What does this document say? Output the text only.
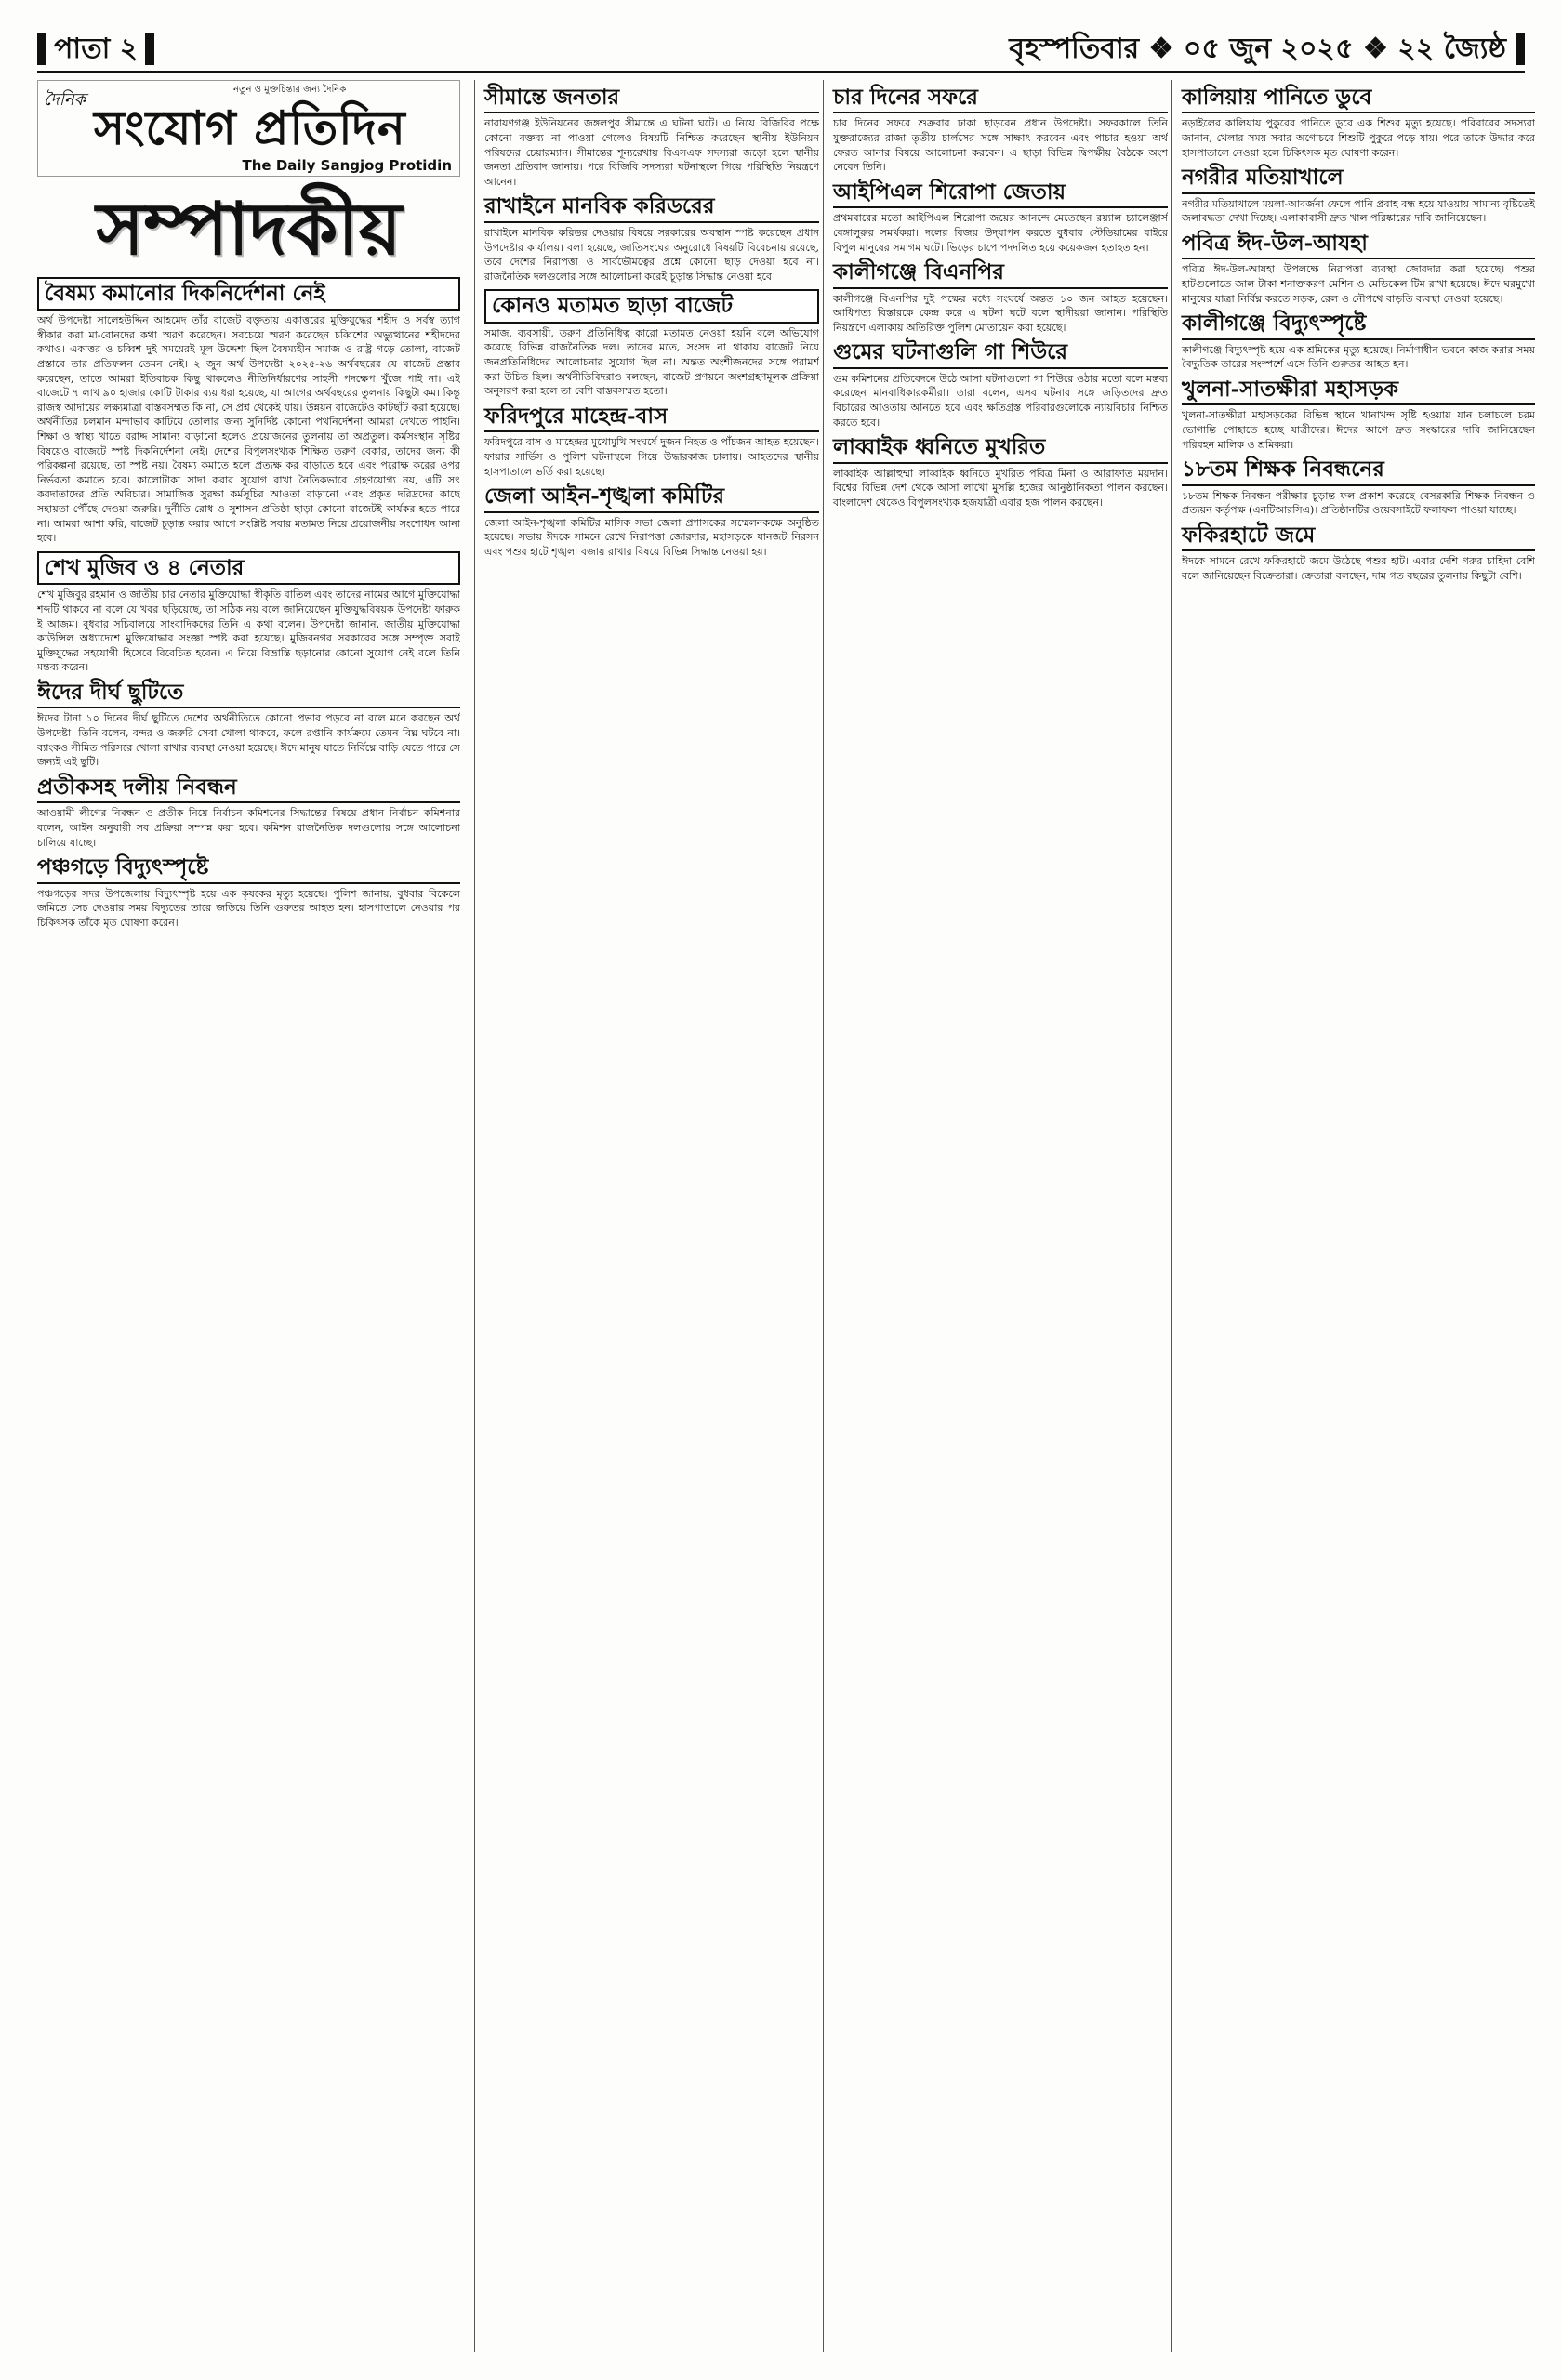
পাতা ২	বৃহস্পতিবার ❖ ০৫ জুন ২০২৫ ❖ ২২ জ্যৈষ্ঠ
দৈনিক
নতুন ও মুক্তচিন্তার জন্য দৈনিক
সংযোগ প্রতিদিন
The Daily Sangjog Protidin
সম্পাদকীয়
বৈষম্য কমানোর দিকনির্দেশনা নেই

অর্থ উপদেষ্টা সালেহউদ্দিন আহমেদ তাঁর বাজেট বক্তৃতায় একাত্তরের মুক্তিযুদ্ধের শহীদ ও সর্বস্ব ত্যাগ স্বীকার করা মা-বোনদের কথা স্মরণ করেছেন। সবচেয়ে স্মরণ করেছেন চব্বিশের অভ্যুত্থানের শহীদদের কথাও। একাত্তর ও চব্বিশ দুই সময়েরই মূল উদ্দেশ্য ছিল বৈষম্যহীন সমাজ ও রাষ্ট্র গড়ে তোলা, বাজেট প্রস্তাবে তার প্রতিফলন তেমন নেই। ২ জুন অর্থ উপদেষ্টা ২০২৫-২৬ অর্থবছরের যে বাজেট প্রস্তাব করেছেন, তাতে আমরা ইতিবাচক কিছু থাকলেও নীতিনির্ধারণের সাহসী পদক্ষেপ খুঁজে পাই না। এই বাজেটে ৭ লাখ ৯০ হাজার কোটি টাকার ব্যয় ধরা হয়েছে, যা আগের অর্থবছরের তুলনায় কিছুটা কম। কিন্তু রাজস্ব আদায়ের লক্ষ্যমাত্রা বাস্তবসম্মত কি না, সে প্রশ্ন থেকেই যায়। উন্নয়ন বাজেটেও কাটছাঁট করা হয়েছে। অর্থনীতির চলমান মন্দাভাব কাটিয়ে তোলার জন্য সুনির্দিষ্ট কোনো পথনির্দেশনা আমরা দেখতে পাইনি। শিক্ষা ও স্বাস্থ্য খাতে বরাদ্দ সামান্য বাড়ানো হলেও প্রয়োজনের তুলনায় তা অপ্রতুল। কর্মসংস্থান সৃষ্টির বিষয়েও বাজেটে স্পষ্ট দিকনির্দেশনা নেই। দেশের বিপুলসংখ্যক শিক্ষিত তরুণ বেকার, তাদের জন্য কী পরিকল্পনা রয়েছে, তা স্পষ্ট নয়। বৈষম্য কমাতে হলে প্রত্যক্ষ কর বাড়াতে হবে এবং পরোক্ষ করের ওপর নির্ভরতা কমাতে হবে। কালোটাকা সাদা করার সুযোগ রাখা নৈতিকভাবে গ্রহণযোগ্য নয়, এটি সৎ করদাতাদের প্রতি অবিচার। সামাজিক সুরক্ষা কর্মসূচির আওতা বাড়ানো এবং প্রকৃত দরিদ্রদের কাছে সহায়তা পৌঁছে দেওয়া জরুরি। দুর্নীতি রোধ ও সুশাসন প্রতিষ্ঠা ছাড়া কোনো বাজেটই কার্যকর হতে পারে না। আমরা আশা করি, বাজেট চূড়ান্ত করার আগে সংশ্লিষ্ট সবার মতামত নিয়ে প্রয়োজনীয় সংশোধন আনা হবে।

শেখ মুজিব ও ৪ নেতার

শেখ মুজিবুর রহমান ও জাতীয় চার নেতার মুক্তিযোদ্ধা স্বীকৃতি বাতিল এবং তাদের নামের আগে মুক্তিযোদ্ধা শব্দটি থাকবে না বলে যে খবর ছড়িয়েছে, তা সঠিক নয় বলে জানিয়েছেন মুক্তিযুদ্ধবিষয়ক উপদেষ্টা ফারুক ই আজম। বুধবার সচিবালয়ে সাংবাদিকদের তিনি এ কথা বলেন। উপদেষ্টা জানান, জাতীয় মুক্তিযোদ্ধা কাউন্সিল অধ্যাদেশে মুক্তিযোদ্ধার সংজ্ঞা স্পষ্ট করা হয়েছে। মুজিবনগর সরকারের সঙ্গে সম্পৃক্ত সবাই মুক্তিযুদ্ধের সহযোগী হিসেবে বিবেচিত হবেন। এ নিয়ে বিভ্রান্তি ছড়ানোর কোনো সুযোগ নেই বলে তিনি মন্তব্য করেন।

ঈদের দীর্ঘ ছুটিতে

ঈদের টানা ১০ দিনের দীর্ঘ ছুটিতে দেশের অর্থনীতিতে কোনো প্রভাব পড়বে না বলে মনে করছেন অর্থ উপদেষ্টা। তিনি বলেন, বন্দর ও জরুরি সেবা খোলা থাকবে, ফলে রপ্তানি কার্যক্রমে তেমন বিঘ্ন ঘটবে না। ব্যাংকও সীমিত পরিসরে খোলা রাখার ব্যবস্থা নেওয়া হয়েছে। ঈদে মানুষ যাতে নির্বিঘ্নে বাড়ি যেতে পারে সে জন্যই এই ছুটি।

প্রতীকসহ দলীয় নিবন্ধন

আওয়ামী লীগের নিবন্ধন ও প্রতীক নিয়ে নির্বাচন কমিশনের সিদ্ধান্তের বিষয়ে প্রধান নির্বাচন কমিশনার বলেন, আইন অনুযায়ী সব প্রক্রিয়া সম্পন্ন করা হবে। কমিশন রাজনৈতিক দলগুলোর সঙ্গে আলোচনা চালিয়ে যাচ্ছে।

পঞ্চগড়ে বিদ্যুৎস্পৃষ্টে

পঞ্চগড়ের সদর উপজেলায় বিদ্যুৎস্পৃষ্ট হয়ে এক কৃষকের মৃত্যু হয়েছে। পুলিশ জানায়, বুধবার বিকেলে জমিতে সেচ দেওয়ার সময় বিদ্যুতের তারে জড়িয়ে তিনি গুরুতর আহত হন। হাসপাতালে নেওয়ার পর চিকিৎসক তাঁকে মৃত ঘোষণা করেন।

সীমান্তে জনতার

নারায়ণগঞ্জ ইউনিয়নের জঙ্গলপুর সীমান্তে এ ঘটনা ঘটে। এ নিয়ে বিজিবির পক্ষে কোনো বক্তব্য না পাওয়া গেলেও বিষয়টি নিশ্চিত করেছেন স্থানীয় ইউনিয়ন পরিষদের চেয়ারম্যান। সীমান্তের শূন্যরেখায় বিএসএফ সদস্যরা জড়ো হলে স্থানীয় জনতা প্রতিবাদ জানায়। পরে বিজিবি সদস্যরা ঘটনাস্থলে গিয়ে পরিস্থিতি নিয়ন্ত্রণে আনেন।

রাখাইনে মানবিক করিডরের

রাখাইনে মানবিক করিডর দেওয়ার বিষয়ে সরকারের অবস্থান স্পষ্ট করেছেন প্রধান উপদেষ্টার কার্যালয়। বলা হয়েছে, জাতিসংঘের অনুরোধে বিষয়টি বিবেচনায় রয়েছে, তবে দেশের নিরাপত্তা ও সার্বভৌমত্বের প্রশ্নে কোনো ছাড় দেওয়া হবে না। রাজনৈতিক দলগুলোর সঙ্গে আলোচনা করেই চূড়ান্ত সিদ্ধান্ত নেওয়া হবে।

কোনও মতামত ছাড়া বাজেট

সমাজ, ব্যবসায়ী, তরুণ প্রতিনিধিত্ব কারো মতামত নেওয়া হয়নি বলে অভিযোগ করেছে বিভিন্ন রাজনৈতিক দল। তাদের মতে, সংসদ না থাকায় বাজেট নিয়ে জনপ্রতিনিধিদের আলোচনার সুযোগ ছিল না। অন্তত অংশীজনদের সঙ্গে পরামর্শ করা উচিত ছিল। অর্থনীতিবিদরাও বলছেন, বাজেট প্রণয়নে অংশগ্রহণমূলক প্রক্রিয়া অনুসরণ করা হলে তা বেশি বাস্তবসম্মত হতো।

ফরিদপুরে মাহেন্দ্র-বাস

ফরিদপুরে বাস ও মাহেন্দ্রর মুখোমুখি সংঘর্ষে দুজন নিহত ও পাঁচজন আহত হয়েছেন। ফায়ার সার্ভিস ও পুলিশ ঘটনাস্থলে গিয়ে উদ্ধারকাজ চালায়। আহতদের স্থানীয় হাসপাতালে ভর্তি করা হয়েছে।

জেলা আইন-শৃঙ্খলা কমিটির

জেলা আইন-শৃঙ্খলা কমিটির মাসিক সভা জেলা প্রশাসকের সম্মেলনকক্ষে অনুষ্ঠিত হয়েছে। সভায় ঈদকে সামনে রেখে নিরাপত্তা জোরদার, মহাসড়কে যানজট নিরসন এবং পশুর হাটে শৃঙ্খলা বজায় রাখার বিষয়ে বিভিন্ন সিদ্ধান্ত নেওয়া হয়।

চার দিনের সফরে

চার দিনের সফরে শুক্রবার ঢাকা ছাড়বেন প্রধান উপদেষ্টা। সফরকালে তিনি যুক্তরাজ্যের রাজা তৃতীয় চার্লসের সঙ্গে সাক্ষাৎ করবেন এবং পাচার হওয়া অর্থ ফেরত আনার বিষয়ে আলোচনা করবেন। এ ছাড়া বিভিন্ন দ্বিপক্ষীয় বৈঠকে অংশ নেবেন তিনি।

আইপিএল শিরোপা জেতায়

প্রথমবারের মতো আইপিএল শিরোপা জয়ের আনন্দে মেতেছেন রয়্যাল চ্যালেঞ্জার্স বেঙ্গালুরুর সমর্থকরা। দলের বিজয় উদ্‌যাপন করতে বুধবার স্টেডিয়ামের বাইরে বিপুল মানুষের সমাগম ঘটে। ভিড়ের চাপে পদদলিত হয়ে কয়েকজন হতাহত হন।

কালীগঞ্জে বিএনপির

কালীগঞ্জে বিএনপির দুই পক্ষের মধ্যে সংঘর্ষে অন্তত ১০ জন আহত হয়েছেন। আধিপত্য বিস্তারকে কেন্দ্র করে এ ঘটনা ঘটে বলে স্থানীয়রা জানান। পরিস্থিতি নিয়ন্ত্রণে এলাকায় অতিরিক্ত পুলিশ মোতায়েন করা হয়েছে।

গুমের ঘটনাগুলি গা শিউরে

গুম কমিশনের প্রতিবেদনে উঠে আসা ঘটনাগুলো গা শিউরে ওঠার মতো বলে মন্তব্য করেছেন মানবাধিকারকর্মীরা। তারা বলেন, এসব ঘটনার সঙ্গে জড়িতদের দ্রুত বিচারের আওতায় আনতে হবে এবং ক্ষতিগ্রস্ত পরিবারগুলোকে ন্যায়বিচার নিশ্চিত করতে হবে।

লাব্বাইক ধ্বনিতে মুখরিত

লাব্বাইক আল্লাহুম্মা লাব্বাইক ধ্বনিতে মুখরিত পবিত্র মিনা ও আরাফাত ময়দান। বিশ্বের বিভিন্ন দেশ থেকে আসা লাখো মুসল্লি হজের আনুষ্ঠানিকতা পালন করছেন। বাংলাদেশ থেকেও বিপুলসংখ্যক হজযাত্রী এবার হজ পালন করছেন।

কালিয়ায় পানিতে ডুবে

নড়াইলের কালিয়ায় পুকুরের পানিতে ডুবে এক শিশুর মৃত্যু হয়েছে। পরিবারের সদস্যরা জানান, খেলার সময় সবার অগোচরে শিশুটি পুকুরে পড়ে যায়। পরে তাকে উদ্ধার করে হাসপাতালে নেওয়া হলে চিকিৎসক মৃত ঘোষণা করেন।

নগরীর মতিয়াখালে

নগরীর মতিয়াখালে ময়লা-আবর্জনা ফেলে পানি প্রবাহ বন্ধ হয়ে যাওয়ায় সামান্য বৃষ্টিতেই জলাবদ্ধতা দেখা দিচ্ছে। এলাকাবাসী দ্রুত খাল পরিষ্কারের দাবি জানিয়েছেন।

পবিত্র ঈদ-উল-আযহা

পবিত্র ঈদ-উল-আযহা উপলক্ষে নিরাপত্তা ব্যবস্থা জোরদার করা হয়েছে। পশুর হাটগুলোতে জাল টাকা শনাক্তকরণ মেশিন ও মেডিকেল টিম রাখা হয়েছে। ঈদে ঘরমুখো মানুষের যাত্রা নির্বিঘ্ন করতে সড়ক, রেল ও নৌপথে বাড়তি ব্যবস্থা নেওয়া হয়েছে।

কালীগঞ্জে বিদ্যুৎস্পৃষ্টে

কালীগঞ্জে বিদ্যুৎস্পৃষ্ট হয়ে এক শ্রমিকের মৃত্যু হয়েছে। নির্মাণাধীন ভবনে কাজ করার সময় বৈদ্যুতিক তারের সংস্পর্শে এসে তিনি গুরুতর আহত হন।

খুলনা-সাতক্ষীরা মহাসড়ক

খুলনা-সাতক্ষীরা মহাসড়কের বিভিন্ন স্থানে খানাখন্দ সৃষ্টি হওয়ায় যান চলাচলে চরম ভোগান্তি পোহাতে হচ্ছে যাত্রীদের। ঈদের আগে দ্রুত সংস্কারের দাবি জানিয়েছেন পরিবহন মালিক ও শ্রমিকরা।

১৮তম শিক্ষক নিবন্ধনের

১৮তম শিক্ষক নিবন্ধন পরীক্ষার চূড়ান্ত ফল প্রকাশ করেছে বেসরকারি শিক্ষক নিবন্ধন ও প্রত্যয়ন কর্তৃপক্ষ (এনটিআরসিএ)। প্রতিষ্ঠানটির ওয়েবসাইটে ফলাফল পাওয়া যাচ্ছে।

ফকিরহাটে জমে

ঈদকে সামনে রেখে ফকিরহাটে জমে উঠেছে পশুর হাট। এবার দেশি গরুর চাহিদা বেশি বলে জানিয়েছেন বিক্রেতারা। ক্রেতারা বলছেন, দাম গত বছরের তুলনায় কিছুটা বেশি।
